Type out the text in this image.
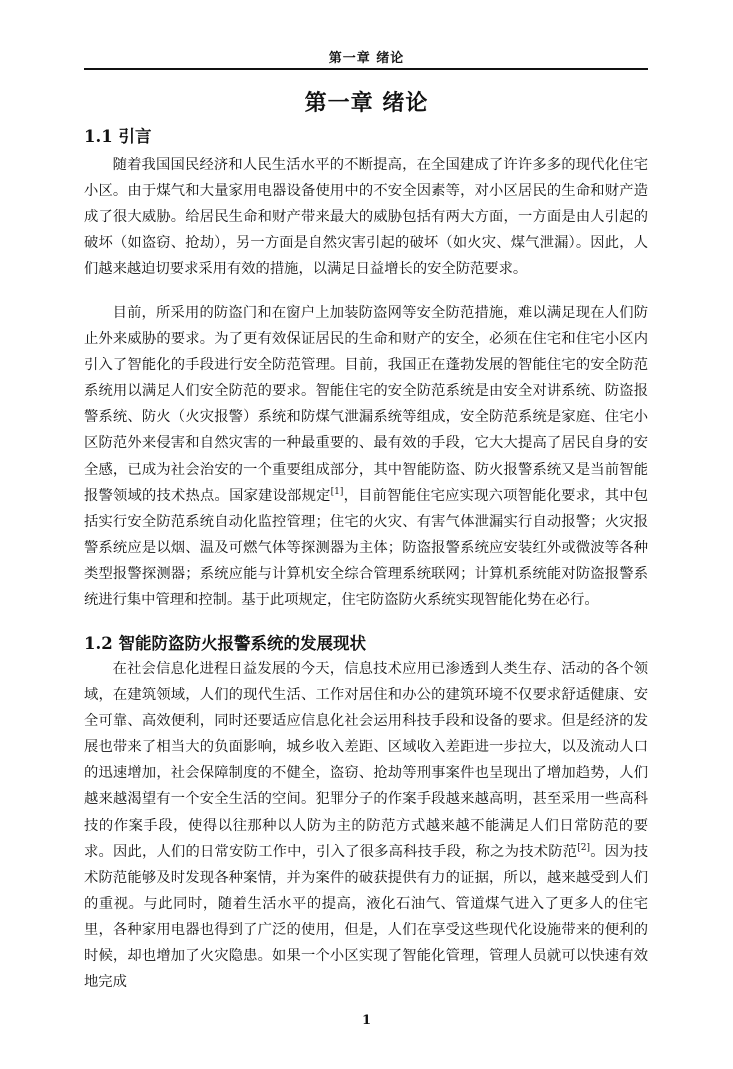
第一章 绪论
第一章 绪论
1.1 引言

随着我国国民经济和人民生活水平的不断提高，在全国建成了许许多多的现代化住宅小区。由于煤气和大量家用电器设备使用中的不安全因素等，对小区居民的生命和财产造成了很大威胁。给居民生命和财产带来最大的威胁包括有两大方面，一方面是由人引起的破坏（如盗窃、抢劫），另一方面是自然灾害引起的破坏（如火灾、煤气泄漏）。因此，人们越来越迫切要求采用有效的措施，以满足日益增长的安全防范要求。

目前，所采用的防盗门和在窗户上加装防盗网等安全防范措施，难以满足现在人们防止外来威胁的要求。为了更有效保证居民的生命和财产的安全，必须在住宅和住宅小区内引入了智能化的手段进行安全防范管理。目前，我国正在蓬勃发展的智能住宅的安全防范系统用以满足人们安全防范的要求。智能住宅的安全防范系统是由安全对讲系统、防盗报警系统、防火（火灾报警）系统和防煤气泄漏系统等组成，安全防范系统是家庭、住宅小区防范外来侵害和自然灾害的一种最重要的、最有效的手段，它大大提高了居民自身的安全感，已成为社会治安的一个重要组成部分，其中智能防盗、防火报警系统又是当前智能报警领域的技术热点。国家建设部规定[1]，目前智能住宅应实现六项智能化要求，其中包括实行安全防范系统自动化监控管理；住宅的火灾、有害气体泄漏实行自动报警；火灾报警系统应是以烟、温及可燃气体等探测器为主体；防盗报警系统应安装红外或微波等各种类型报警探测器；系统应能与计算机安全综合管理系统联网；计算机系统能对防盗报警系统进行集中管理和控制。基于此项规定，住宅防盗防火系统实现智能化势在必行。

1.2 智能防盗防火报警系统的发展现状

在社会信息化进程日益发展的今天，信息技术应用已渗透到人类生存、活动的各个领域，在建筑领域，人们的现代生活、工作对居住和办公的建筑环境不仅要求舒适健康、安全可靠、高效便利，同时还要适应信息化社会运用科技手段和设备的要求。但是经济的发展也带来了相当大的负面影响，城乡收入差距、区域收入差距进一步拉大，以及流动人口的迅速增加，社会保障制度的不健全，盗窃、抢劫等刑事案件也呈现出了增加趋势，人们越来越渴望有一个安全生活的空间。犯罪分子的作案手段越来越高明，甚至采用一些高科技的作案手段，使得以往那种以人防为主的防范方式越来越不能满足人们日常防范的要求。因此，人们的日常安防工作中，引入了很多高科技手段，称之为技术防范[2]。因为技术防范能够及时发现各种案情，并为案件的破获提供有力的证据，所以，越来越受到人们的重视。与此同时，随着生活水平的提高，液化石油气、管道煤气进入了更多人的住宅里，各种家用电器也得到了广泛的使用，但是，人们在享受这些现代化设施带来的便利的时候，却也增加了火灾隐患。如果一个小区实现了智能化管理，管理人员就可以快速有效地完成

1
